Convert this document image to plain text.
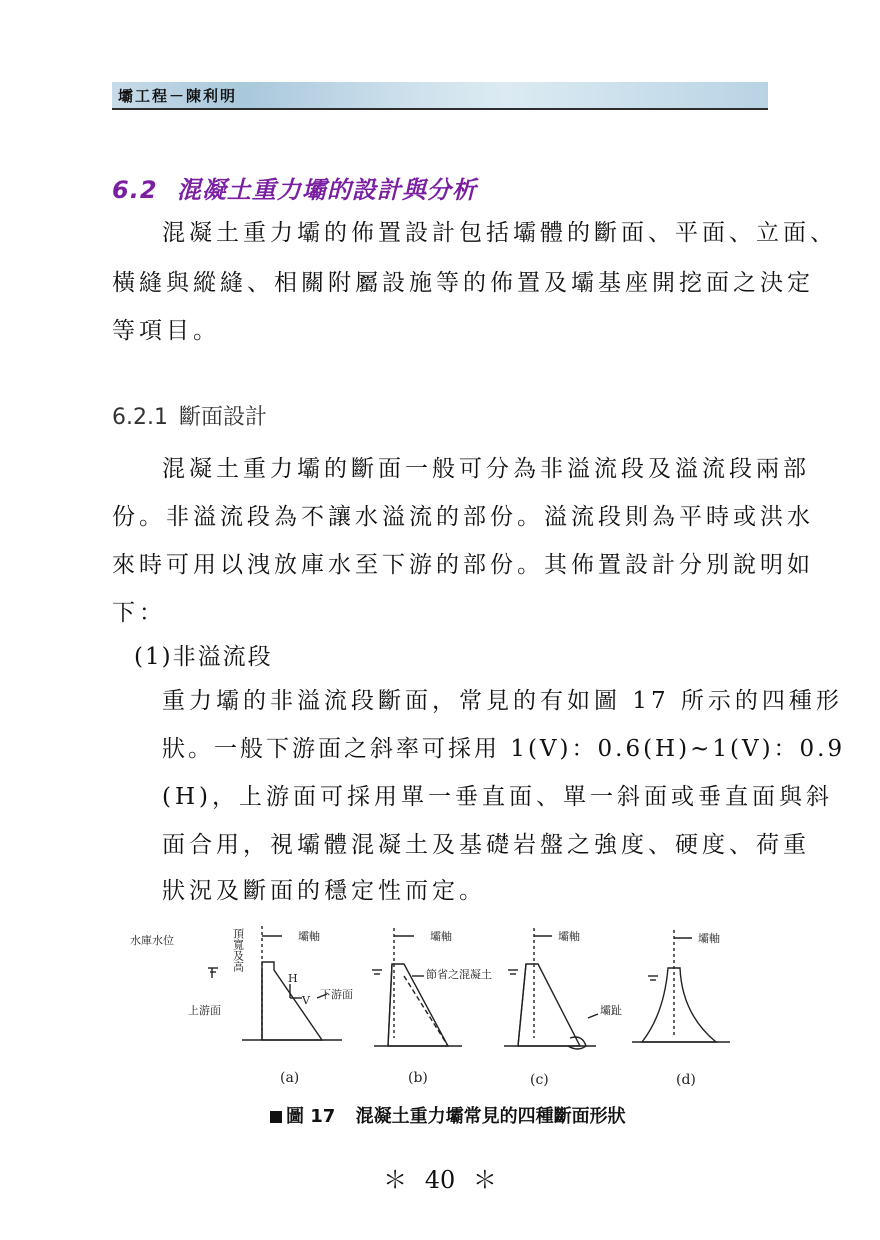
壩工程－陳利明
6.2 混凝土重力壩的設計與分析
混凝土重力壩的佈置設計包括壩體的斷面、平面、立面、
橫縫與縱縫、相關附屬設施等的佈置及壩基座開挖面之決定
等項目。
6.2.1 斷面設計
混凝土重力壩的斷面一般可分為非溢流段及溢流段兩部
份。非溢流段為不讓水溢流的部份。溢流段則為平時或洪水
來時可用以洩放庫水至下游的部份。其佈置設計分別說明如
下：
(1)非溢流段
重力壩的非溢流段斷面，常見的有如圖 17 所示的四種形
狀。一般下游面之斜率可採用 1(V)：0.6(H)~1(V)：0.9
(H)，上游面可採用單一垂直面、單一斜面或垂直面與斜
面合用，視壩體混凝土及基礎岩盤之強度、硬度、荷重
狀況及斷面的穩定性而定。
水庫水位	頂寬及高	壩軸
H
V 下游面
上游面
壩軸
節省之混凝土
壩軸
壩趾
壩軸
(a)	(b)	(c)	(d)
圖 17 混凝土重力壩常見的四種斷面形狀
＊ 40 ＊
